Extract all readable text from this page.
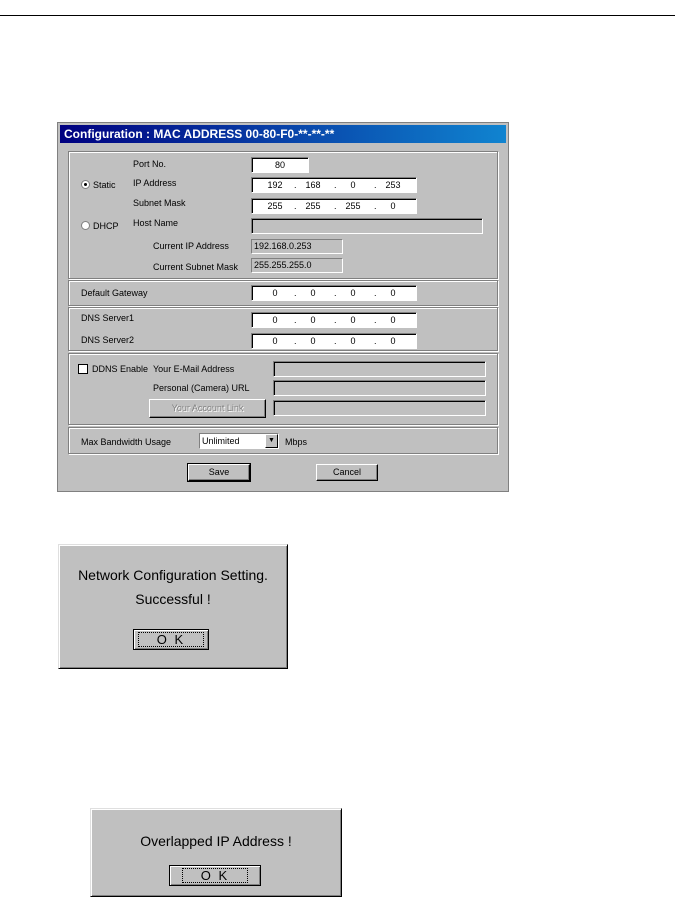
Configuration : MAC ADDRESS 00-80-F0-**-**-**
Port No.	80
Static IP Address	192	. 168	.	0	. 253
Subnet Mask	255	. 255	. 255	.	0
DHCP Host Name
Current IP Address	192.168.0.253
Current Subnet Mask	255.255.255.0
Default Gateway	0	.	0	.	0	.	0
DNS Server1	0	.	0	.	0	.	0
DNS Server2	0	.	0	.	0	.	0
DDNS Enable Your E-Mail Address
Personal (Camera) URL
Your Account Link
Max Bandwidth Usage	Unlimited	▼	Mbps
Save	Cancel
Network Configuration Setting.
Successful !
O K
Overlapped IP Address !
O K
